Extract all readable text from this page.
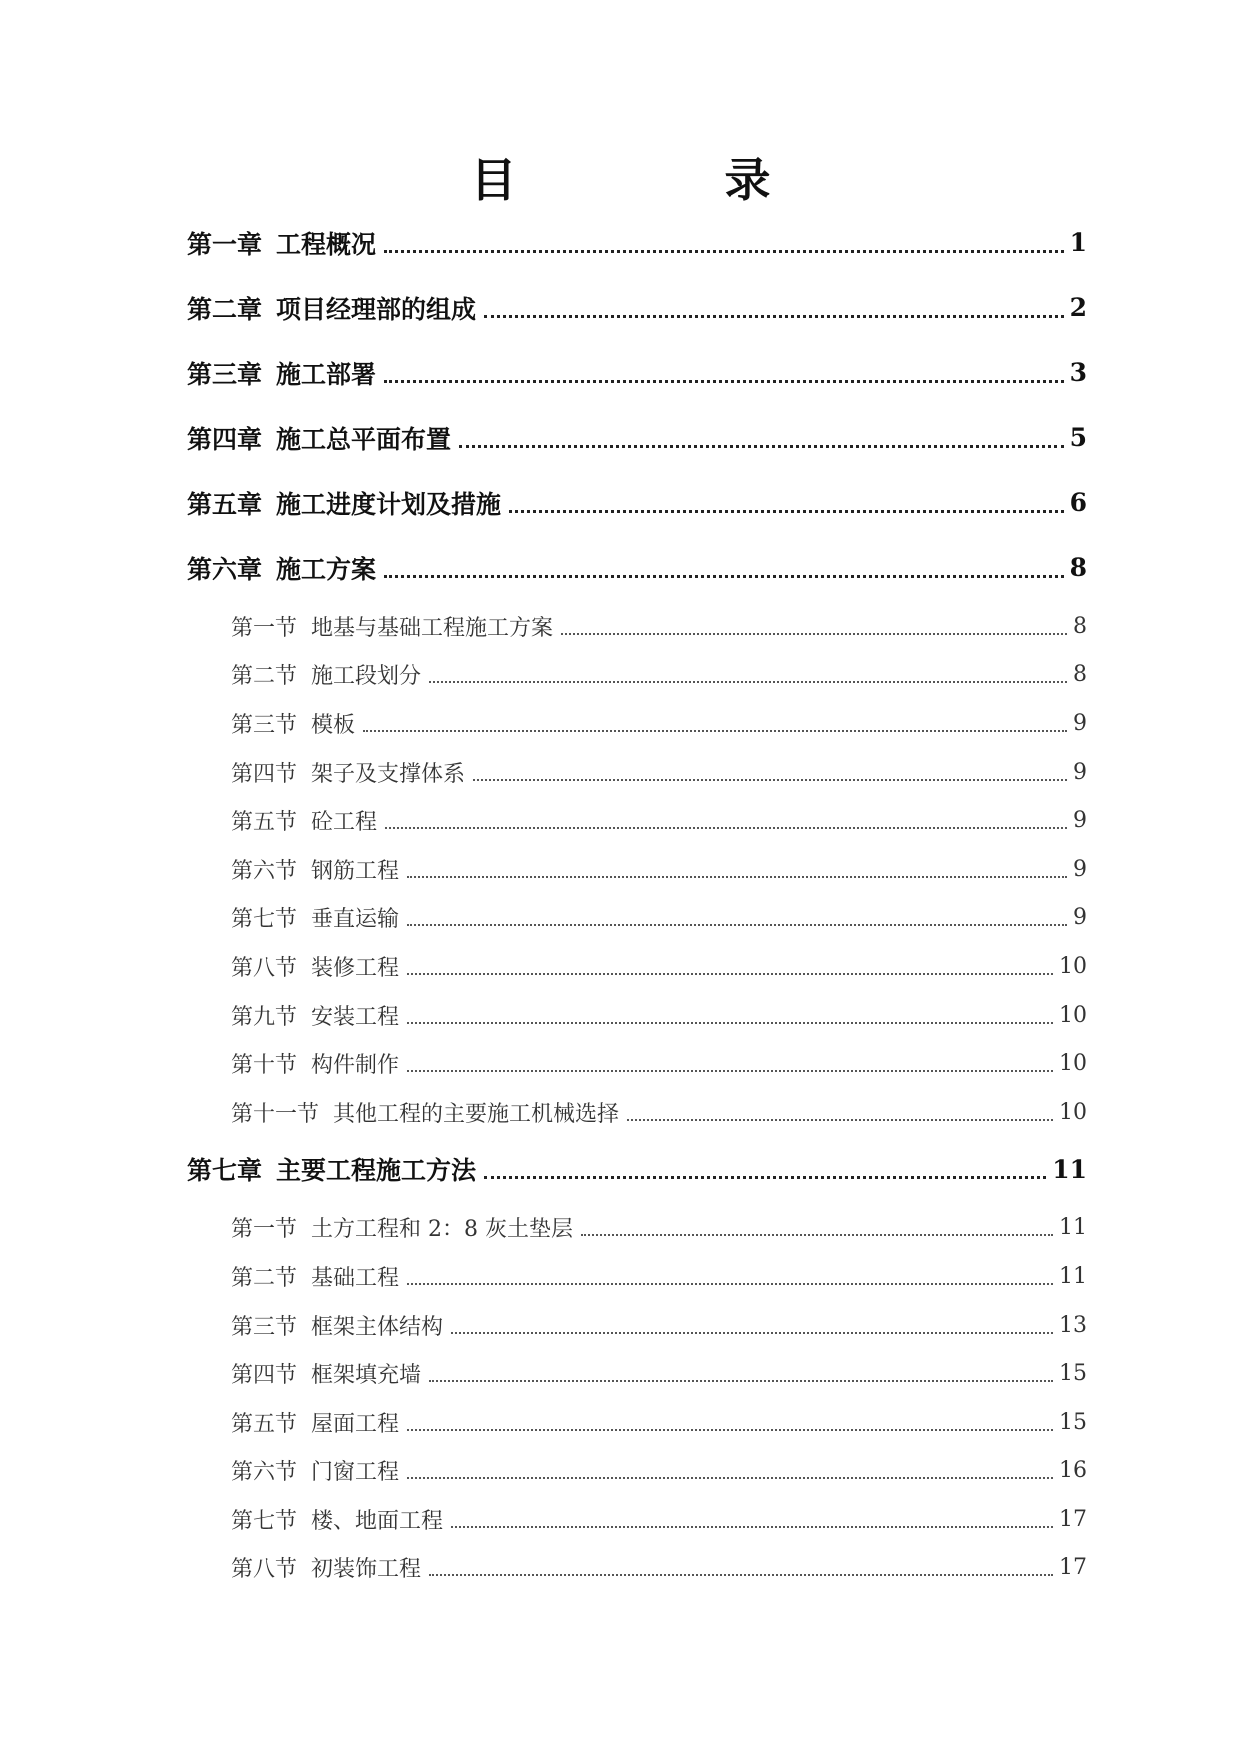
目 录
第一章 工程概况	1
第二章 项目经理部的组成	2
第三章 施工部署	3
第四章 施工总平面布置	5
第五章 施工进度计划及措施	6
第六章 施工方案	8
第一节 地基与基础工程施工方案	8
第二节 施工段划分	8
第三节 模板	9
第四节 架子及支撑体系	9
第五节 砼工程	9
第六节 钢筋工程	9
第七节 垂直运输	9
第八节 装修工程	10
第九节 安装工程	10
第十节 构件制作	10
第十一节 其他工程的主要施工机械选择	10
第七章 主要工程施工方法	11
第一节 土方工程和 2：8 灰土垫层	11
第二节 基础工程	11
第三节 框架主体结构	13
第四节 框架填充墙	15
第五节 屋面工程	15
第六节 门窗工程	16
第七节 楼、地面工程	17
第八节 初装饰工程	17
